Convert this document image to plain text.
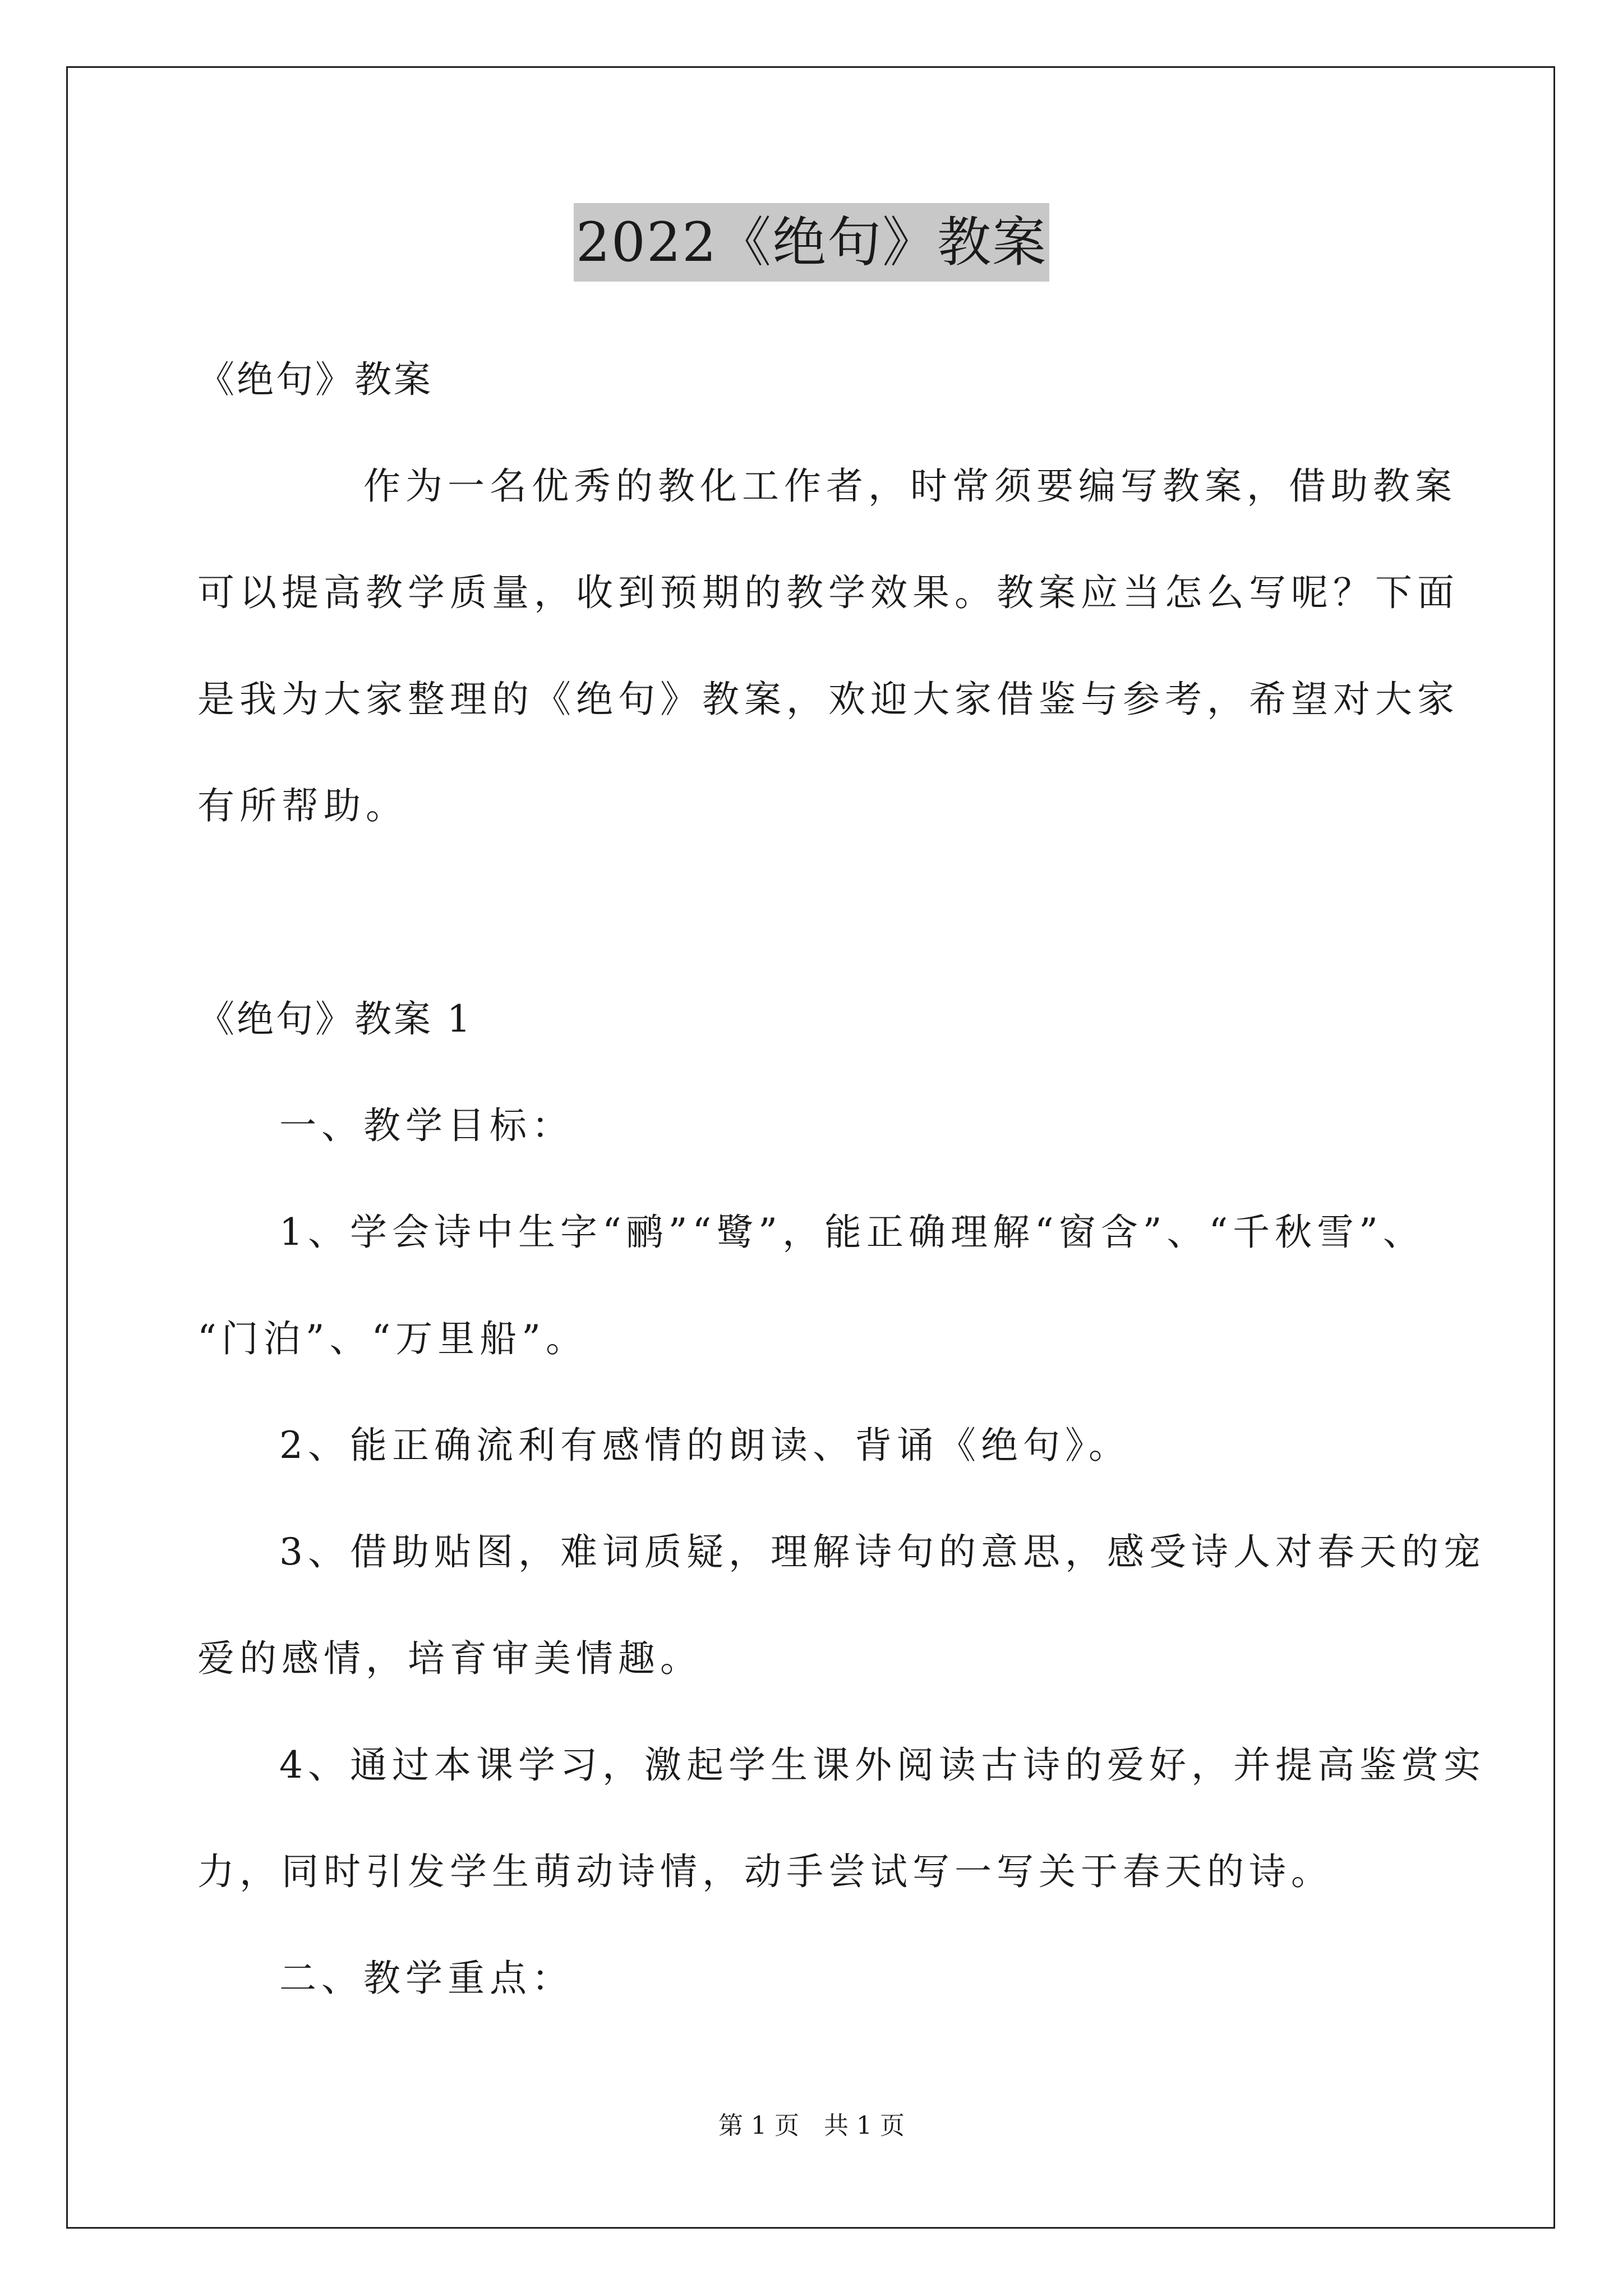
2022《绝句》教案
《绝句》教案
作为一名优秀的教化工作者，时常须要编写教案，借助教案
可以提高教学质量，收到预期的教学效果。教案应当怎么写呢？下面
是我为大家整理的《绝句》教案，欢迎大家借鉴与参考，希望对大家
有所帮助。
《绝句》教案 1
一、教学目标：
1、学会诗中生字“鹂”“鹭”，能正确理解“窗含”、“千秋雪”、
“门泊”、“万里船”。
2、能正确流利有感情的朗读、背诵《绝句》。
3、借助贴图，难词质疑，理解诗句的意思，感受诗人对春天的宠
爱的感情，培育审美情趣。
4、通过本课学习，激起学生课外阅读古诗的爱好，并提高鉴赏实
力，同时引发学生萌动诗情，动手尝试写一写关于春天的诗。
二、教学重点：
第 1 页 共 1 页
